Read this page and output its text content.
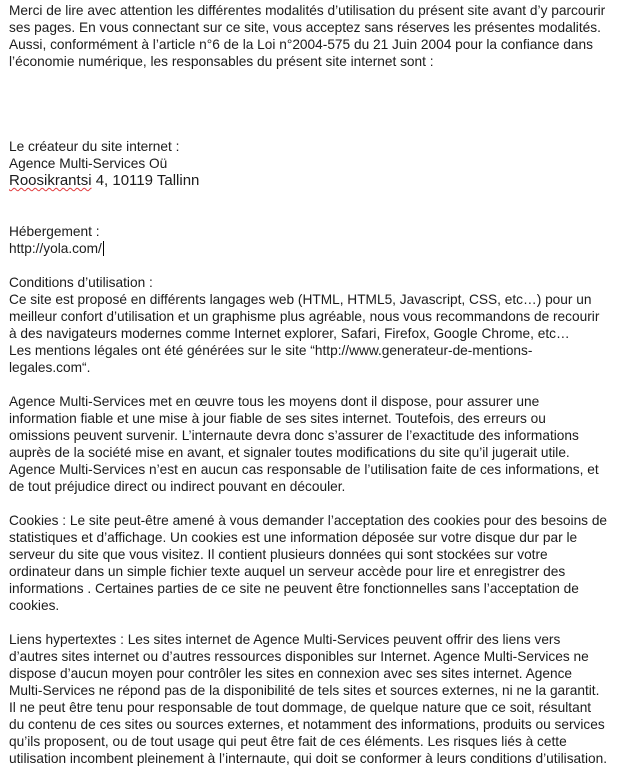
Merci de lire avec attention les différentes modalités d’utilisation du présent site avant d’y parcourir
ses pages. En vous connectant sur ce site, vous acceptez sans réserves les présentes modalités.
Aussi, conformément à l’article n°6 de la Loi n°2004-575 du 21 Juin 2004 pour la confiance dans
l’économie numérique, les responsables du présent site internet sont :
Le créateur du site internet :
Agence Multi-Services Oü
Roosikrantsi 4, 10119 Tallinn
Hébergement :
http://yola.com/
Conditions d’utilisation :
Ce site est proposé en différents langages web (HTML, HTML5, Javascript, CSS, etc…) pour un
meilleur confort d’utilisation et un graphisme plus agréable, nous vous recommandons de recourir
à des navigateurs modernes comme Internet explorer, Safari, Firefox, Google Chrome, etc…
Les mentions légales ont été générées sur le site “http://www.generateur-de-mentions-
legales.com“.
Agence Multi-Services met en œuvre tous les moyens dont il dispose, pour assurer une
information fiable et une mise à jour fiable de ses sites internet. Toutefois, des erreurs ou
omissions peuvent survenir. L’internaute devra donc s’assurer de l’exactitude des informations
auprès de la société mise en avant, et signaler toutes modifications du site qu’il jugerait utile.
Agence Multi-Services n’est en aucun cas responsable de l’utilisation faite de ces informations, et
de tout préjudice direct ou indirect pouvant en découler.
Cookies : Le site peut-être amené à vous demander l’acceptation des cookies pour des besoins de
statistiques et d’affichage. Un cookies est une information déposée sur votre disque dur par le
serveur du site que vous visitez. Il contient plusieurs données qui sont stockées sur votre
ordinateur dans un simple fichier texte auquel un serveur accède pour lire et enregistrer des
informations . Certaines parties de ce site ne peuvent être fonctionnelles sans l’acceptation de
cookies.
Liens hypertextes : Les sites internet de Agence Multi-Services peuvent offrir des liens vers
d’autres sites internet ou d’autres ressources disponibles sur Internet. Agence Multi-Services ne
dispose d’aucun moyen pour contrôler les sites en connexion avec ses sites internet. Agence
Multi-Services ne répond pas de la disponibilité de tels sites et sources externes, ni ne la garantit.
Il ne peut être tenu pour responsable de tout dommage, de quelque nature que ce soit, résultant
du contenu de ces sites ou sources externes, et notamment des informations, produits ou services
qu’ils proposent, ou de tout usage qui peut être fait de ces éléments. Les risques liés à cette
utilisation incombent pleinement à l’internaute, qui doit se conformer à leurs conditions d’utilisation.
